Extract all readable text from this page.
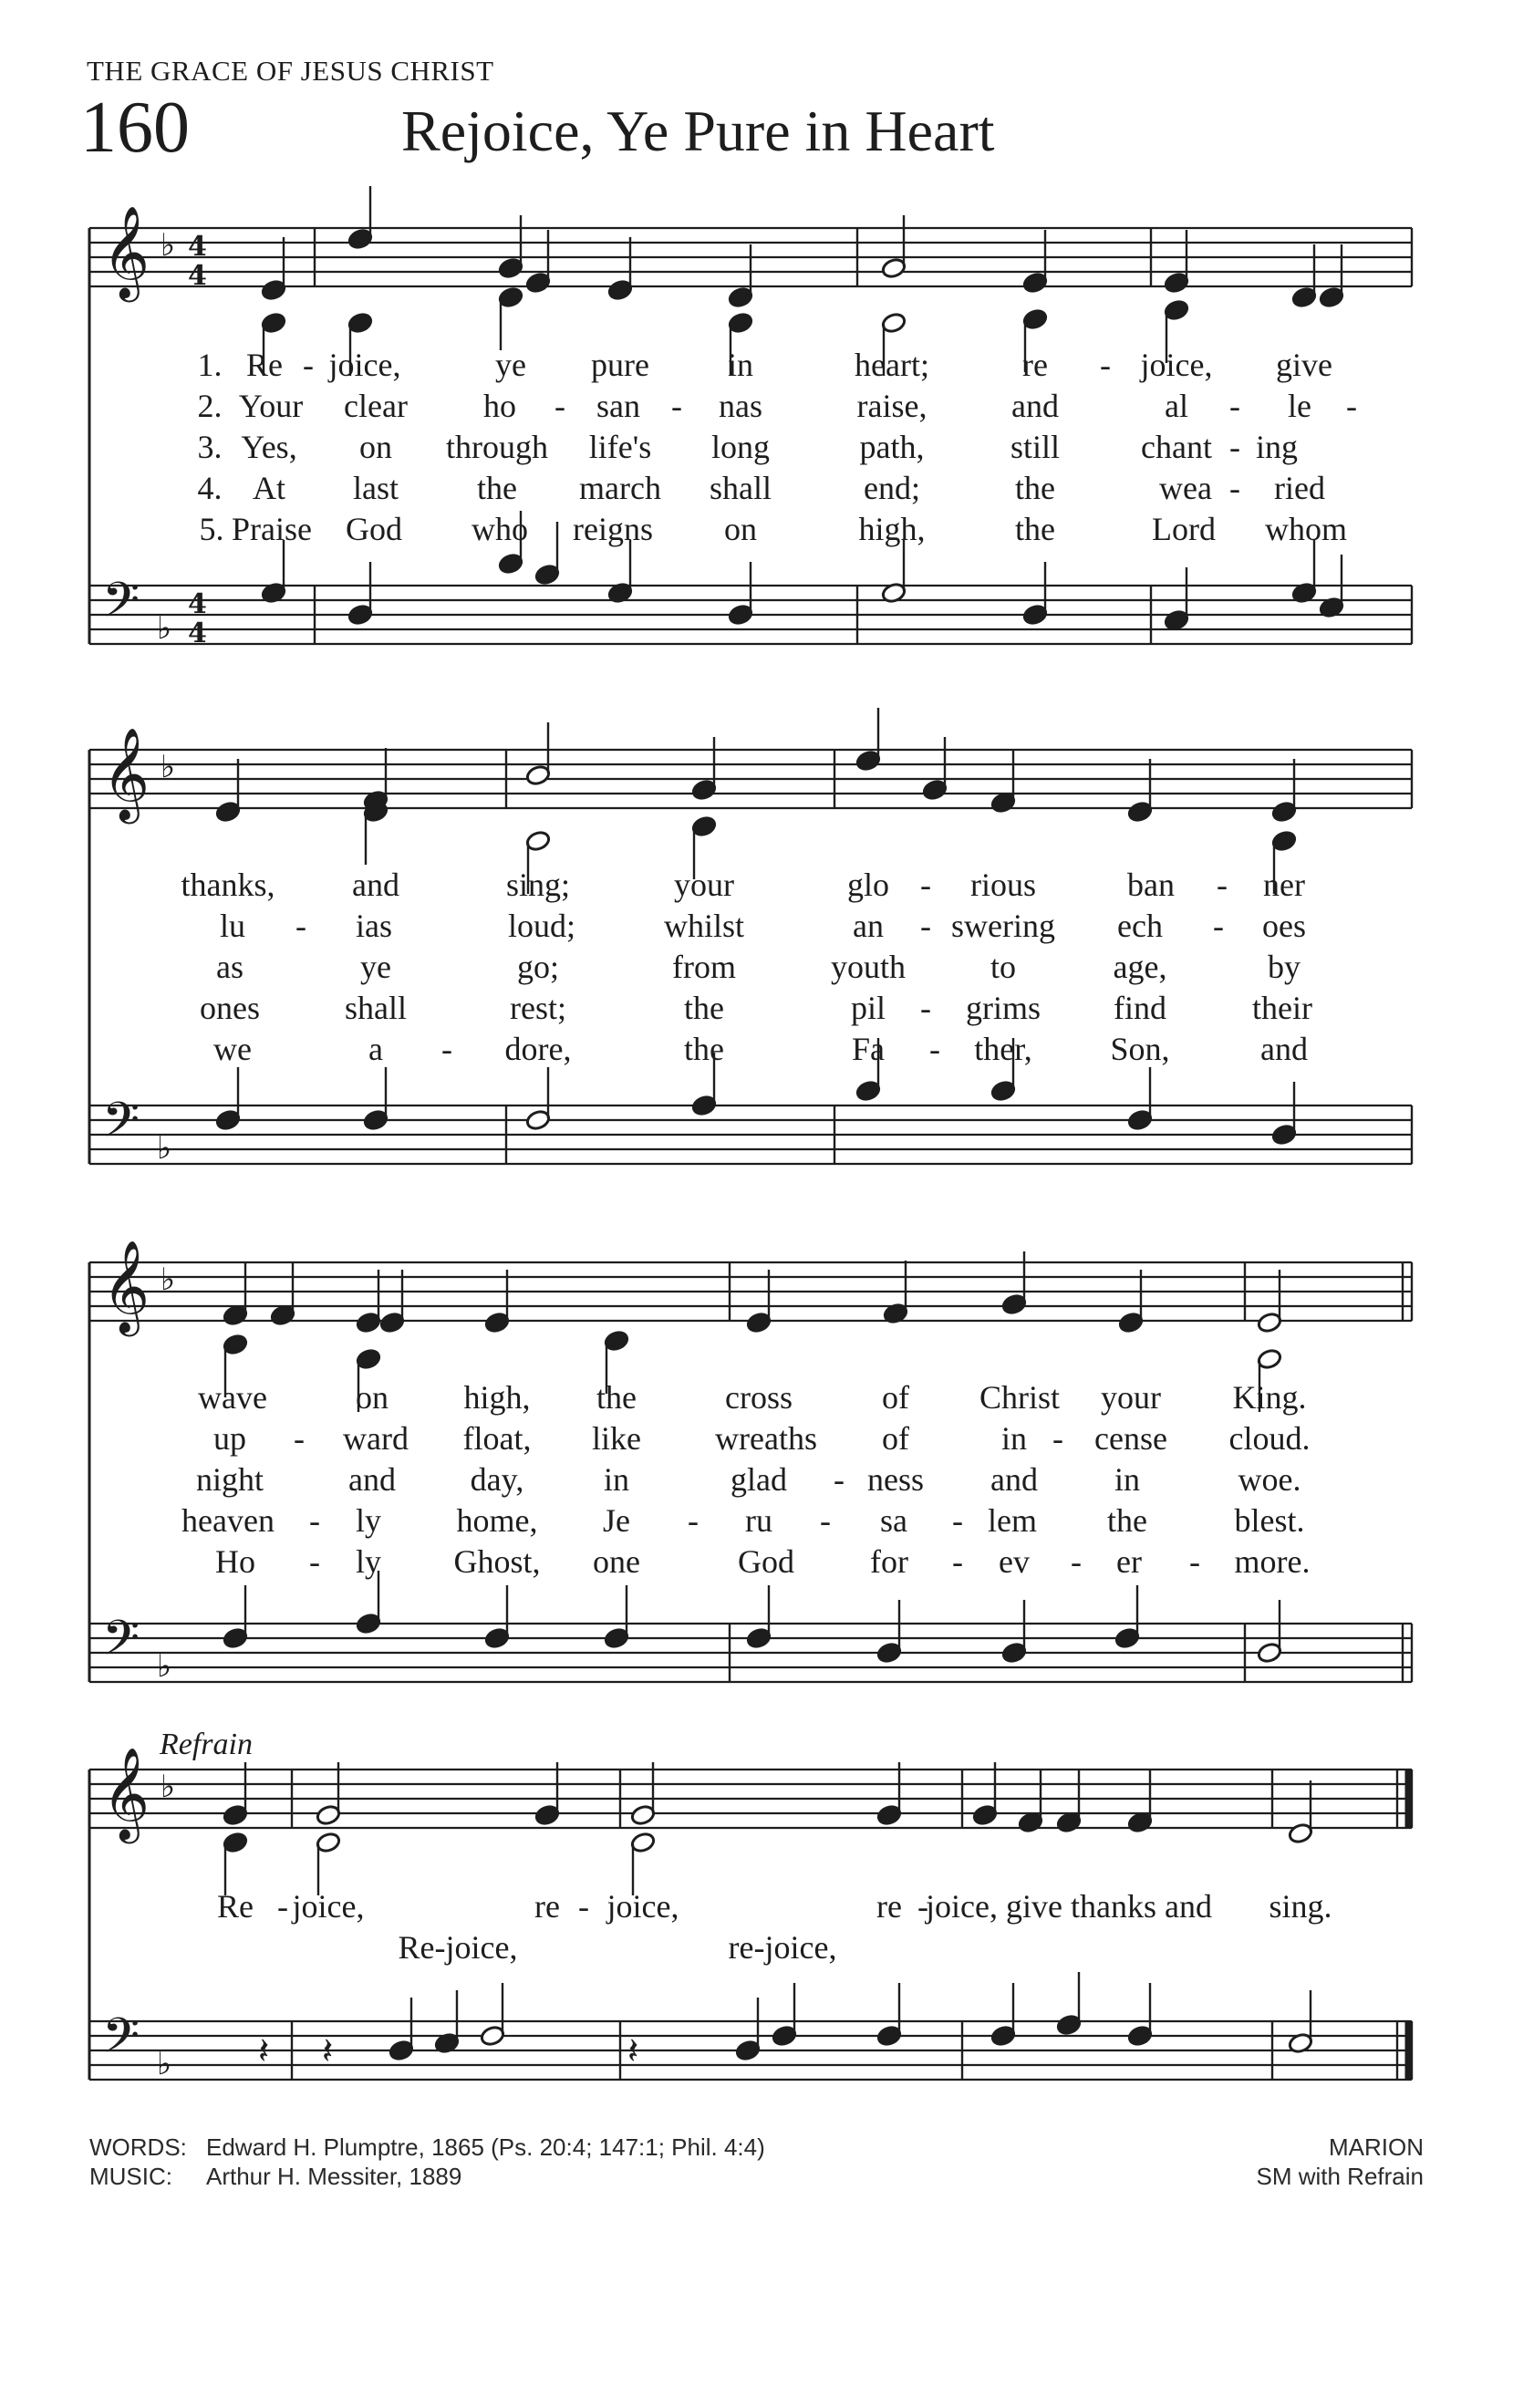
THE GRACE OF JESUS CHRIST
160	Rejoice, Ye Pure in Heart
𝄞
𝄢
♭
♭
4
4
4
4
𝄞
𝄢
♭
♭
𝄞
𝄢
♭
♭
𝄞
𝄢
♭
♭ 𝄽 𝄽	𝄽
1. Re - joice,	ye pure in	heart;	re - joice, give
2. Your clear ho - san - nas	raise,	and	al - le -
3. Yes, on through life's long	path,	still chant - ing
4. At last the march shall	end;	the	wea - ried
5. Praise God who reigns on	high,	the	Lord whom
thanks, and	sing;	your	glo - rious	ban - ner
lu - ias	loud;	whilst	an - swering ech - oes
as	ye	go;	from	youth	to	age,	by
ones	shall	rest;	the	pil - grims find	their
we	a - dore,	the	Fa - ther, Son,	and
wave	on high, the	cross	of Christ your King.
up - ward float, like wreaths of	in - cense cloud.
night	and day, in	glad - ness and in	woe.
heaven - ly home, Je - ru - sa - lem the	blest.
Ho - ly Ghost, one	God for - ev - er - more.
Refrain
Re - joice,	re - joice,	re -
joice, give thanks and sing.
Re-joice,	re-joice,
WORDS: Edward H. Plumptre, 1865 (Ps. 20:4; 147:1; Phil. 4:4)
MUSIC: Arthur H. Messiter, 1889
MARION
SM with Refrain
